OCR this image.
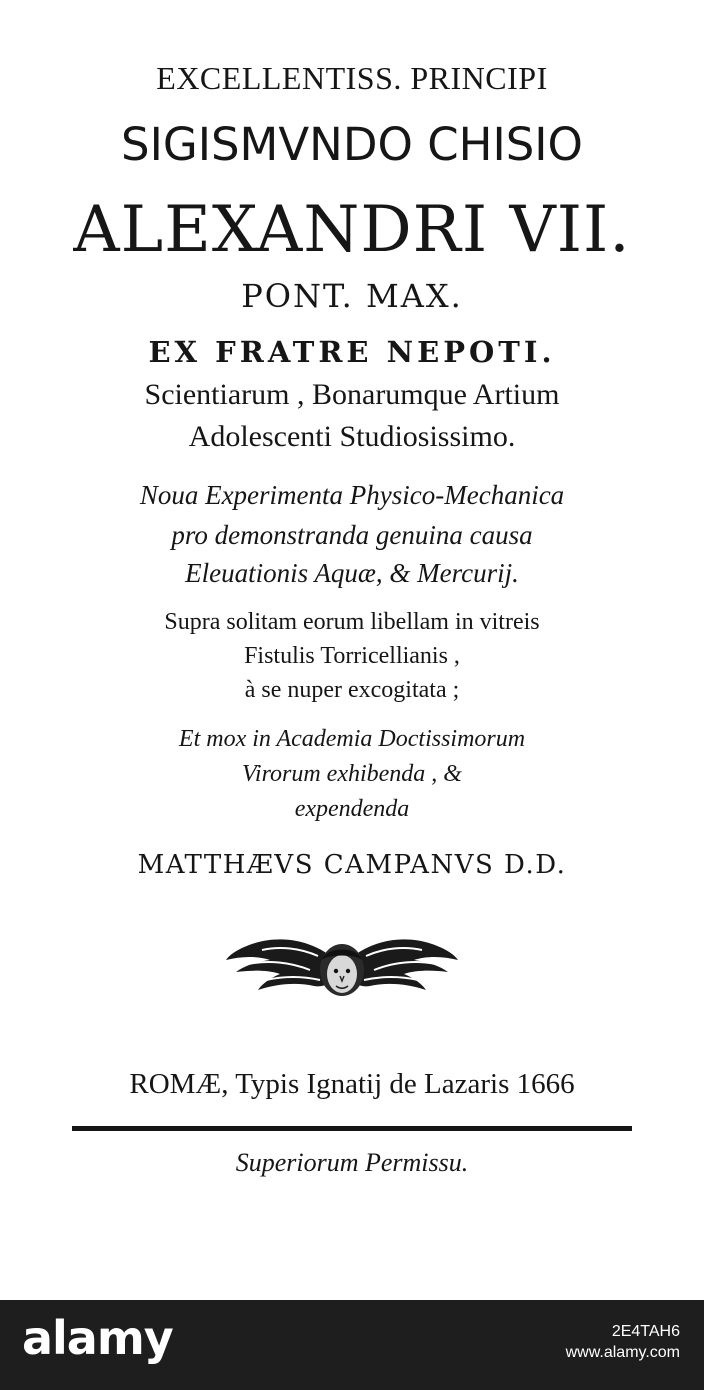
EXCELLENTISS. PRINCIPI
SIGISMVNDO CHISIO
ALEXANDRI VII.
PONT. MAX.
EX FRATRE NEPOTI.
Scientiarum , Bonarumque Artium
Adolescenti Studiosissimo.
Noua Experimenta Physico-Mechanica
pro demonstranda genuina causa
Eleuationis Aquæ, & Mercurij.
Supra solitam eorum libellam in vitreis
Fistulis Torricellianis ,
à se nuper excogitata ;
Et mox in Academia Doctissimorum
Virorum exhibenda , &
expendenda
MATTHÆVS CAMPANVS D.D.
ROMÆ, Typis Ignatij de Lazaris 1666
Superiorum Permissu.
alamy	2E4TAH6
www.alamy.com
